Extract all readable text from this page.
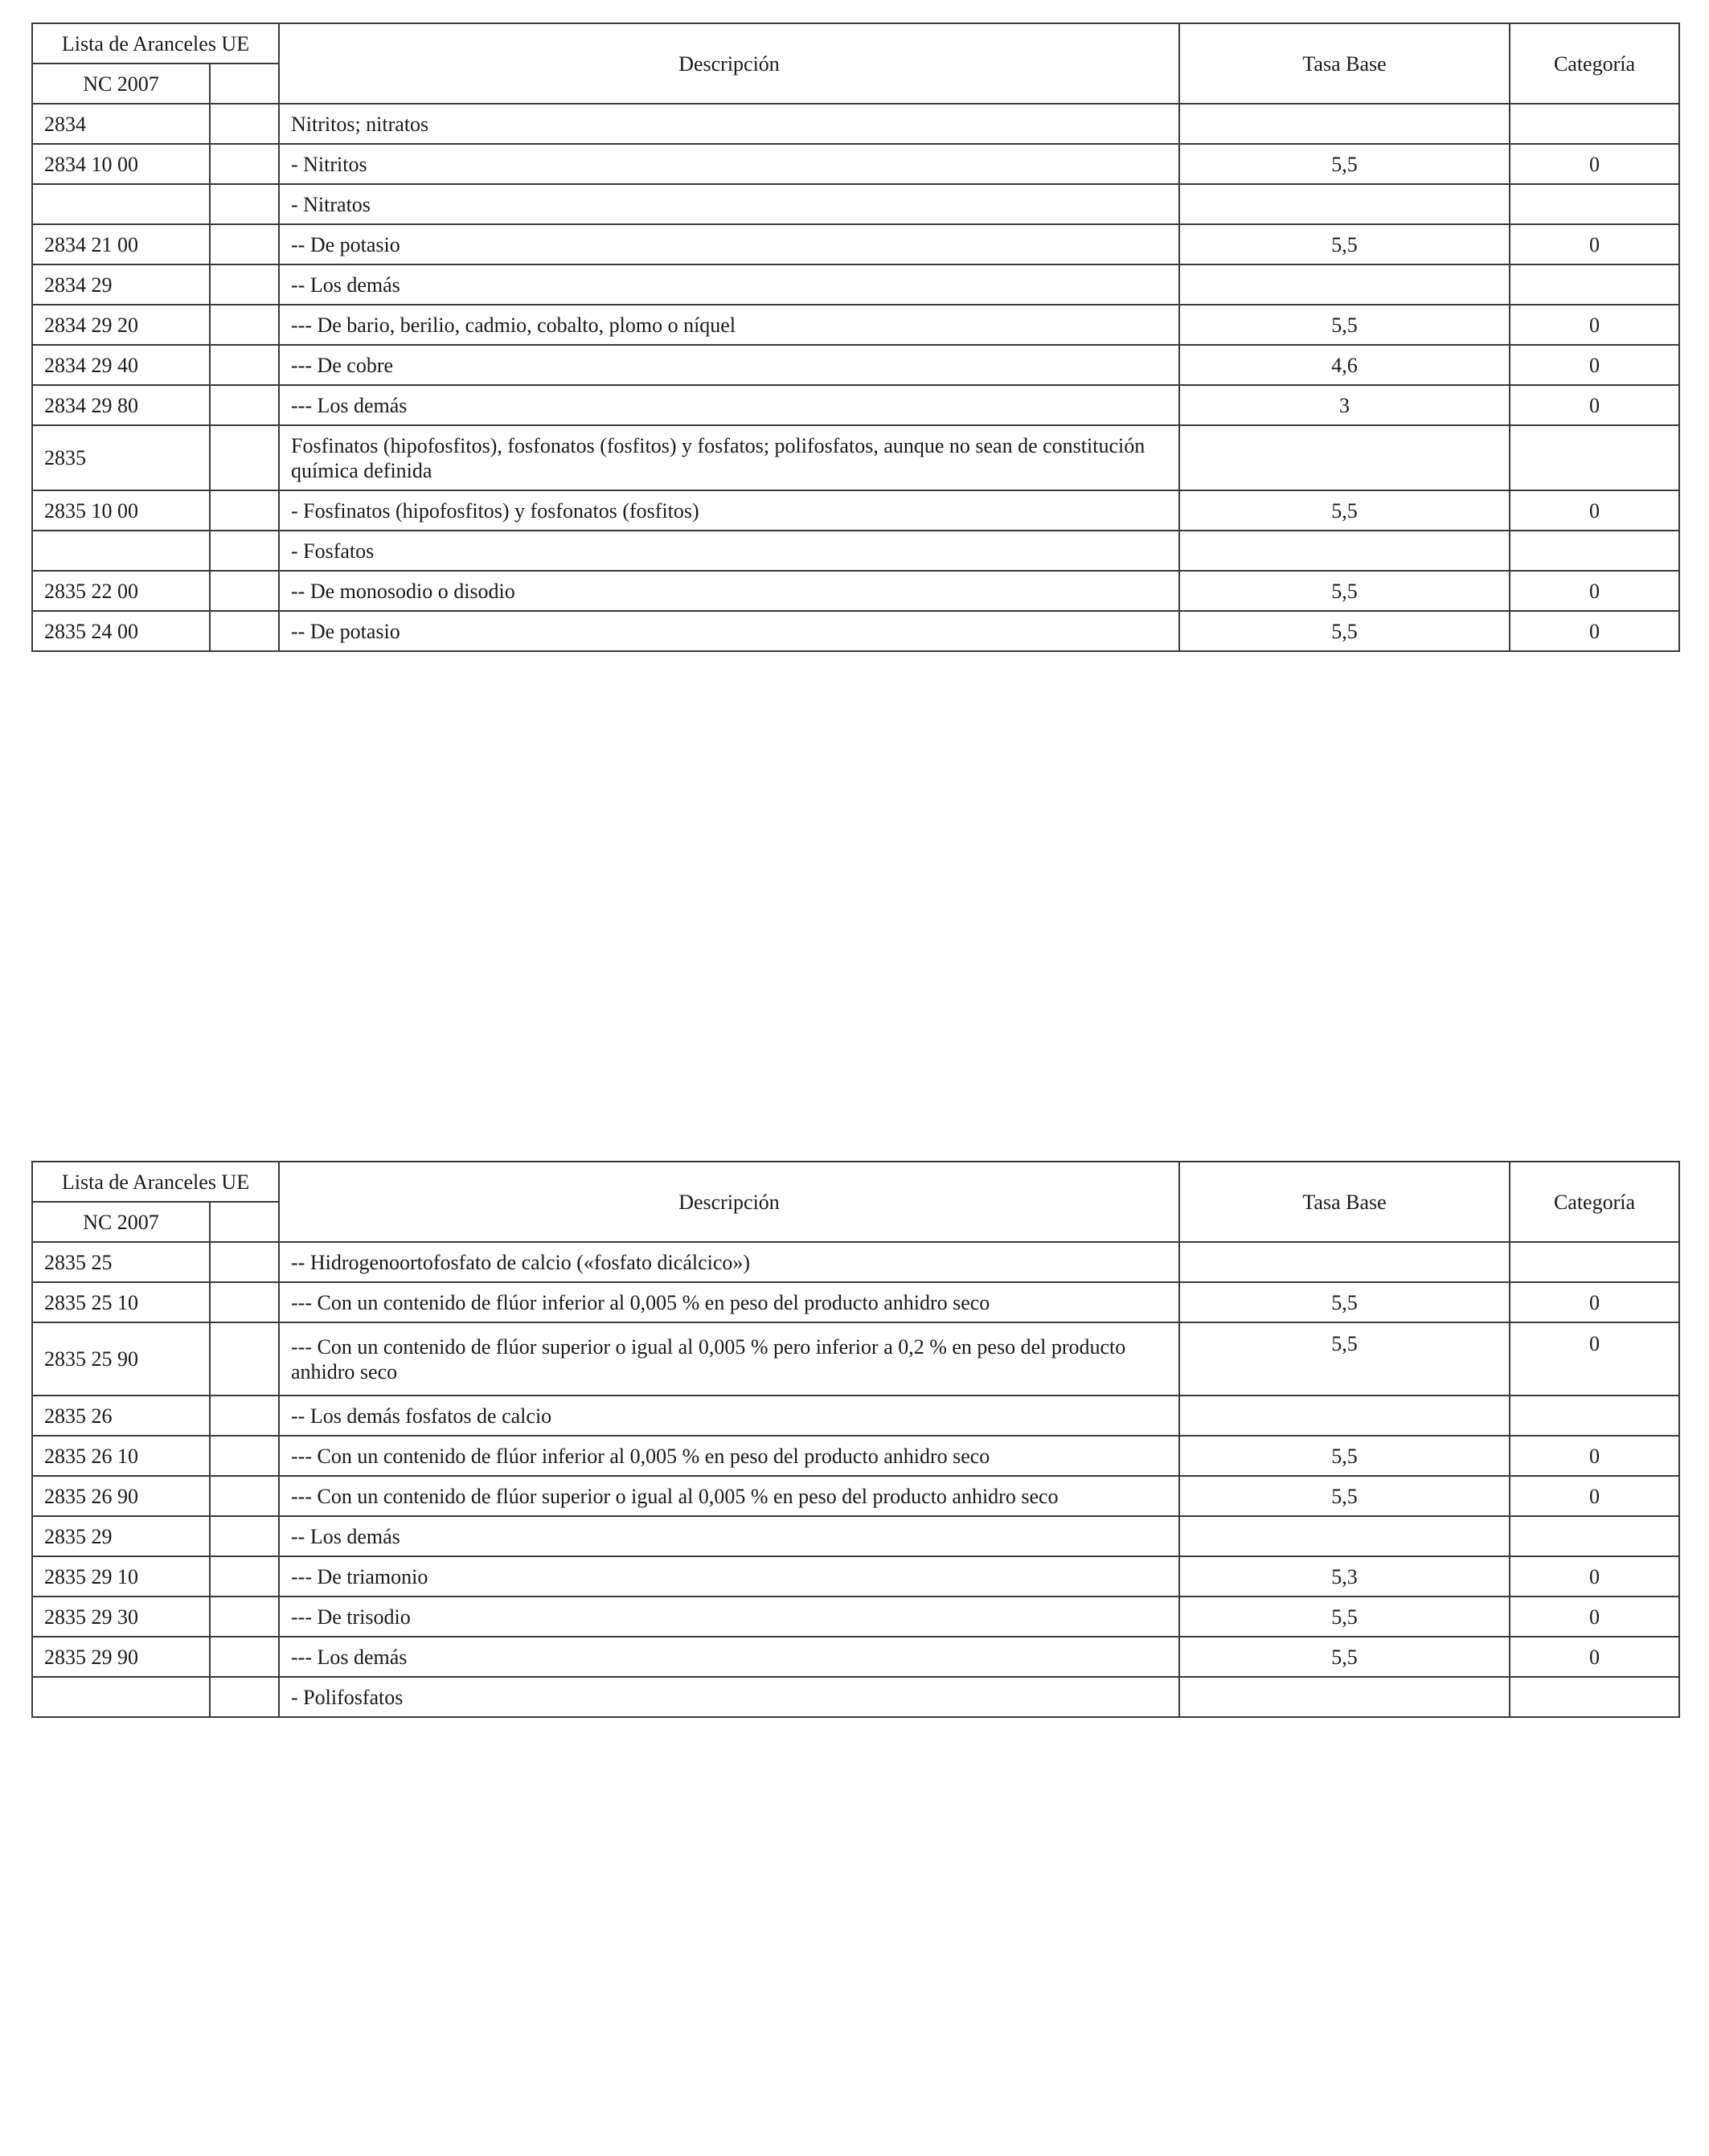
Lista de Aranceles UE		Descripción	Tasa Base	Categoría
NC 2007				
2834		Nitritos; nitratos		
2834 10 00		- Nitritos	5,5	0
		- Nitratos		
2834 21 00		-- De potasio	5,5	0
2834 29		-- Los demás		
2834 29 20		--- De bario, berilio, cadmio, cobalto, plomo o níquel	5,5	0
2834 29 40		--- De cobre	4,6	0
2834 29 80		--- Los demás	3	0
2835		Fosfinatos (hipofosfitos), fosfonatos (fosfitos) y fosfatos; polifosfatos, aunque no sean de constitución química definida		
2835 10 00		- Fosfinatos (hipofosfitos) y fosfonatos (fosfitos)	5,5	0
		- Fosfatos		
2835 22 00		-- De monosodio o disodio	5,5	0
2835 24 00		-- De potasio	5,5	0
Lista de Aranceles UE		Descripción	Tasa Base	Categoría
NC 2007				
2835 25		-- Hidrogenoortofosfato de calcio («fosfato dicálcico»)		
2835 25 10		--- Con un contenido de flúor inferior al 0,005 % en peso del producto anhidro seco	5,5	0
2835 25 90		--- Con un contenido de flúor superior o igual al 0,005 % pero inferior a 0,2 % en peso del producto anhidro seco	5,5	0
2835 26		-- Los demás fosfatos de calcio		
2835 26 10		--- Con un contenido de flúor inferior al 0,005 % en peso del producto anhidro seco	5,5	0
2835 26 90		--- Con un contenido de flúor superior o igual al 0,005 % en peso del producto anhidro seco	5,5	0
2835 29		-- Los demás		
2835 29 10		--- De triamonio	5,3	0
2835 29 30		--- De trisodio	5,5	0
2835 29 90		--- Los demás	5,5	0
		- Polifosfatos		
